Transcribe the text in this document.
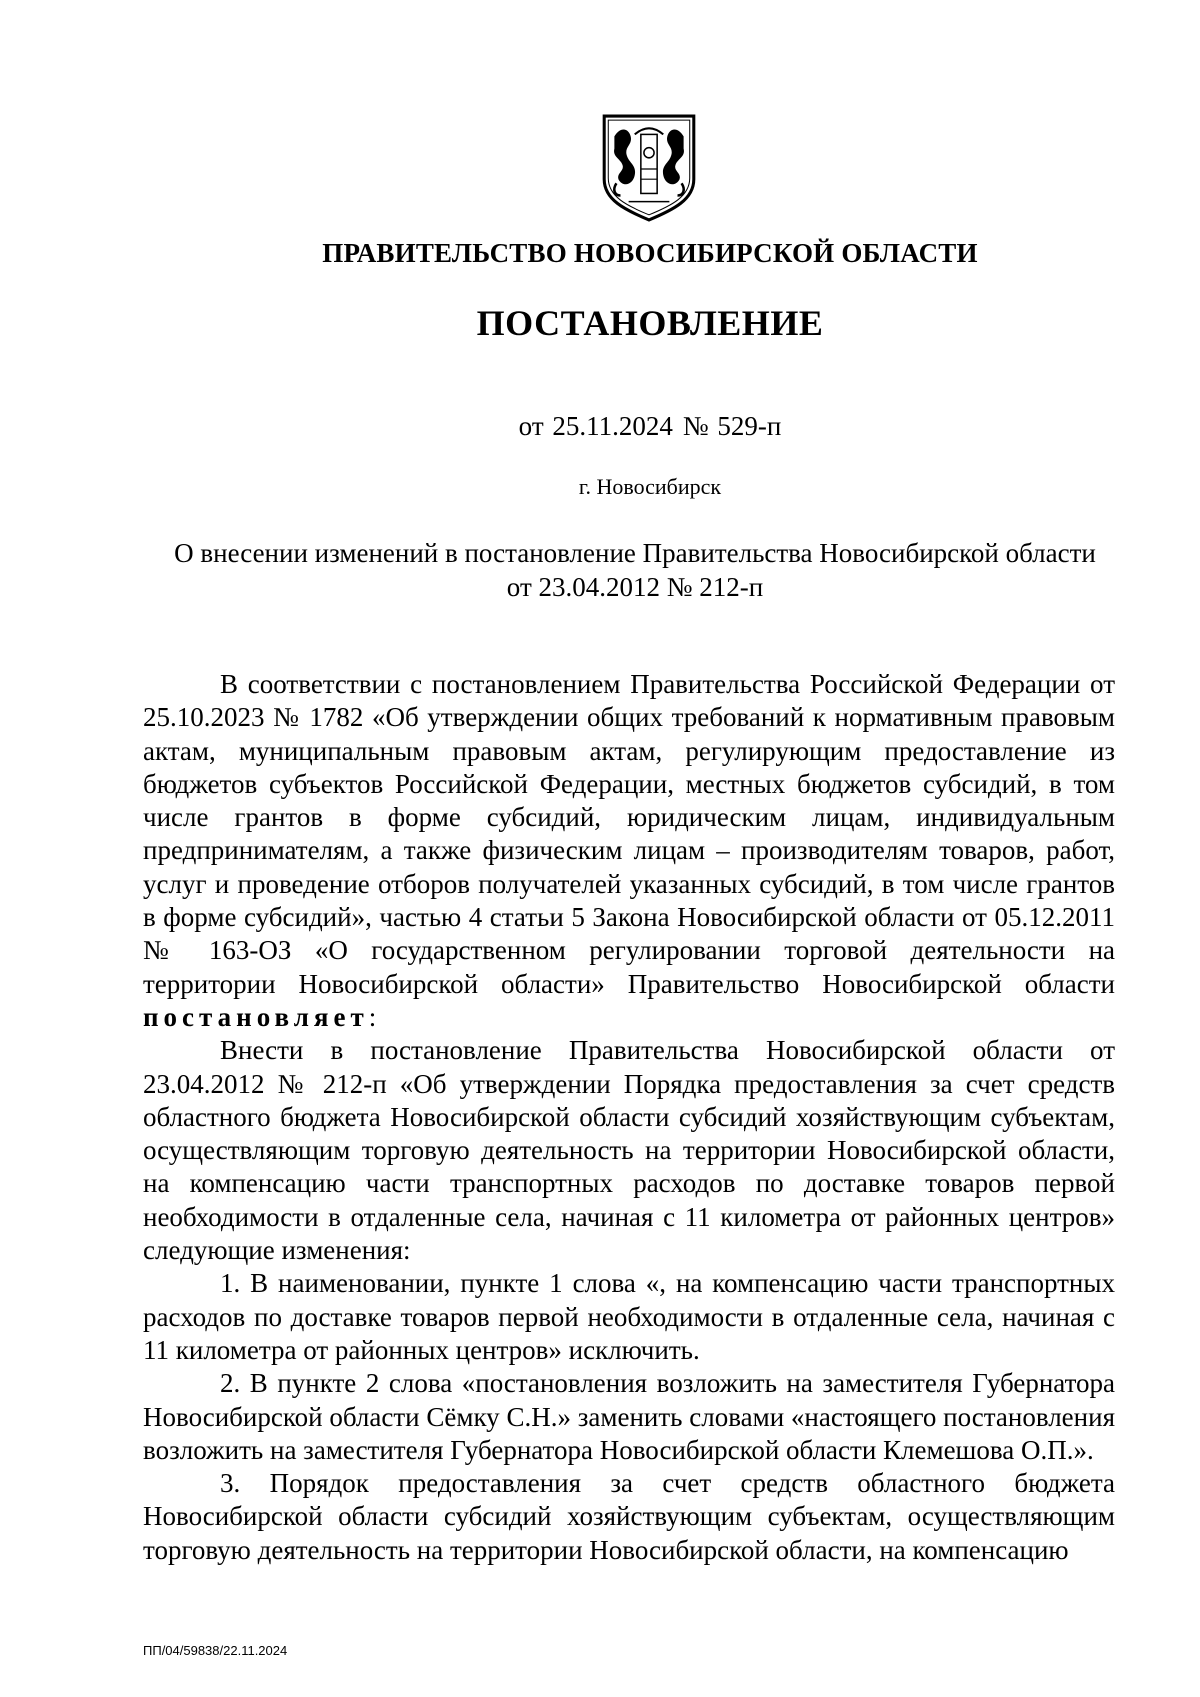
ПРАВИТЕЛЬСТВО НОВОСИБИРСКОЙ ОБЛАСТИ
ПОСТАНОВЛЕНИЕ
от 25.11.2024 № 529-п
г. Новосибирск
О внесении изменений в постановление Правительства Новосибирской области
от 23.04.2012 № 212-п

В соответствии с постановлением Правительства Российской Федерации от 25.10.2023 № 1782 «Об утверждении общих требований к нормативным правовым актам, муниципальным правовым актам, регулирующим предоставление из бюджетов субъектов Российской Федерации, местных бюджетов субсидий, в том числе грантов в форме субсидий, юридическим лицам, индивидуальным предпринимателям, а также физическим лицам – производителям товаров, работ, услуг и проведение отборов получателей указанных субсидий, в том числе грантов в форме субсидий», частью 4 статьи 5 Закона Новосибирской области от 05.12.2011 № 163-ОЗ «О государственном регулировании торговой деятельности на территории Новосибирской области» Правительство Новосибирской области постановляет:

Внести в постановление Правительства Новосибирской области от 23.04.2012 № 212-п «Об утверждении Порядка предоставления за счет средств областного бюджета Новосибирской области субсидий хозяйствующим субъектам, осуществляющим торговую деятельность на территории Новосибирской области, на компенсацию части транспортных расходов по доставке товаров первой необходимости в отдаленные села, начиная с 11 километра от районных центров» следующие изменения:

1. В наименовании, пункте 1 слова «, на компенсацию части транспортных расходов по доставке товаров первой необходимости в отдаленные села, начиная с 11 километра от районных центров» исключить.

2. В пункте 2 слова «постановления возложить на заместителя Губернатора Новосибирской области Сёмку С.Н.» заменить словами «настоящего постановления возложить на заместителя Губернатора Новосибирской области Клемешова О.П.».

3. Порядок предоставления за счет средств областного бюджета Новосибирской области субсидий хозяйствующим субъектам, осуществляющим торговую деятельность на территории Новосибирской области, на компенсацию

ПП/04/59838/22.11.2024
